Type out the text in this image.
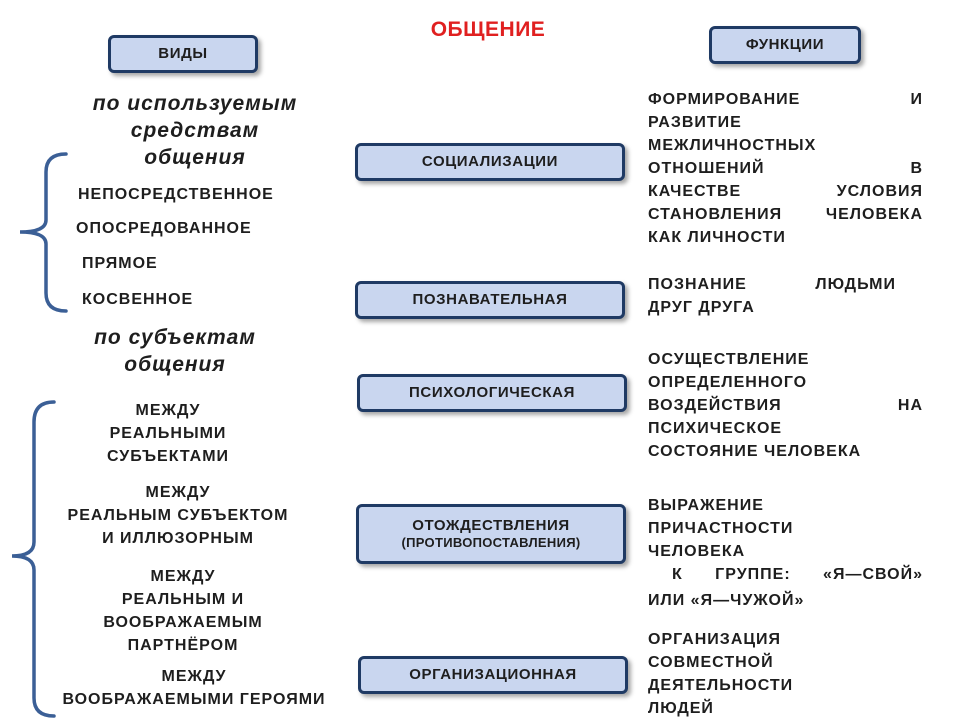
ОБЩЕНИЕ
ВИДЫ
ФУНКЦИИ
по используемым
средствам
общения
НЕПОСРЕДСТВЕННОЕ
ОПОСРЕДОВАННОЕ
ПРЯМОЕ
КОСВЕННОЕ
по субъектам
общения
МЕЖДУ
РЕАЛЬНЫМИ
СУБЪЕКТАМИ
МЕЖДУ
РЕАЛЬНЫМ СУБЪЕКТОМ
И ИЛЛЮЗОРНЫМ
МЕЖДУ
РЕАЛЬНЫМ И
ВООБРАЖАЕМЫМ
ПАРТНЁРОМ
МЕЖДУ
ВООБРАЖАЕМЫМИ ГЕРОЯМИ
СОЦИАЛИЗАЦИИ
ПОЗНАВАТЕЛЬНАЯ
ПСИХОЛОГИЧЕСКАЯ
ОТОЖДЕСТВЛЕНИЯ
(ПРОТИВОПОСТАВЛЕНИЯ)
ОРГАНИЗАЦИОННАЯ
ФОРМИРОВАНИЕ И
РАЗВИТИЕ
МЕЖЛИЧНОСТНЫХ
ОТНОШЕНИЙ В
КАЧЕСТВЕ УСЛОВИЯ
СТАНОВЛЕНИЯ ЧЕЛОВЕКА
КАК ЛИЧНОСТИ
ПОЗНАНИЕ ЛЮДЬМИ
ДРУГ ДРУГА
ОСУЩЕСТВЛЕНИЕ
ОПРЕДЕЛЕННОГО
ВОЗДЕЙСТВИЯ НА
ПСИХИЧЕСКОЕ
СОСТОЯНИЕ ЧЕЛОВЕКА
ВЫРАЖЕНИЕ
ПРИЧАСТНОСТИ
ЧЕЛОВЕКА
К ГРУППЕ: «Я—СВОЙ»
ИЛИ «Я—ЧУЖОЙ»
ОРГАНИЗАЦИЯ
СОВМЕСТНОЙ
ДЕЯТЕЛЬНОСТИ
ЛЮДЕЙ
